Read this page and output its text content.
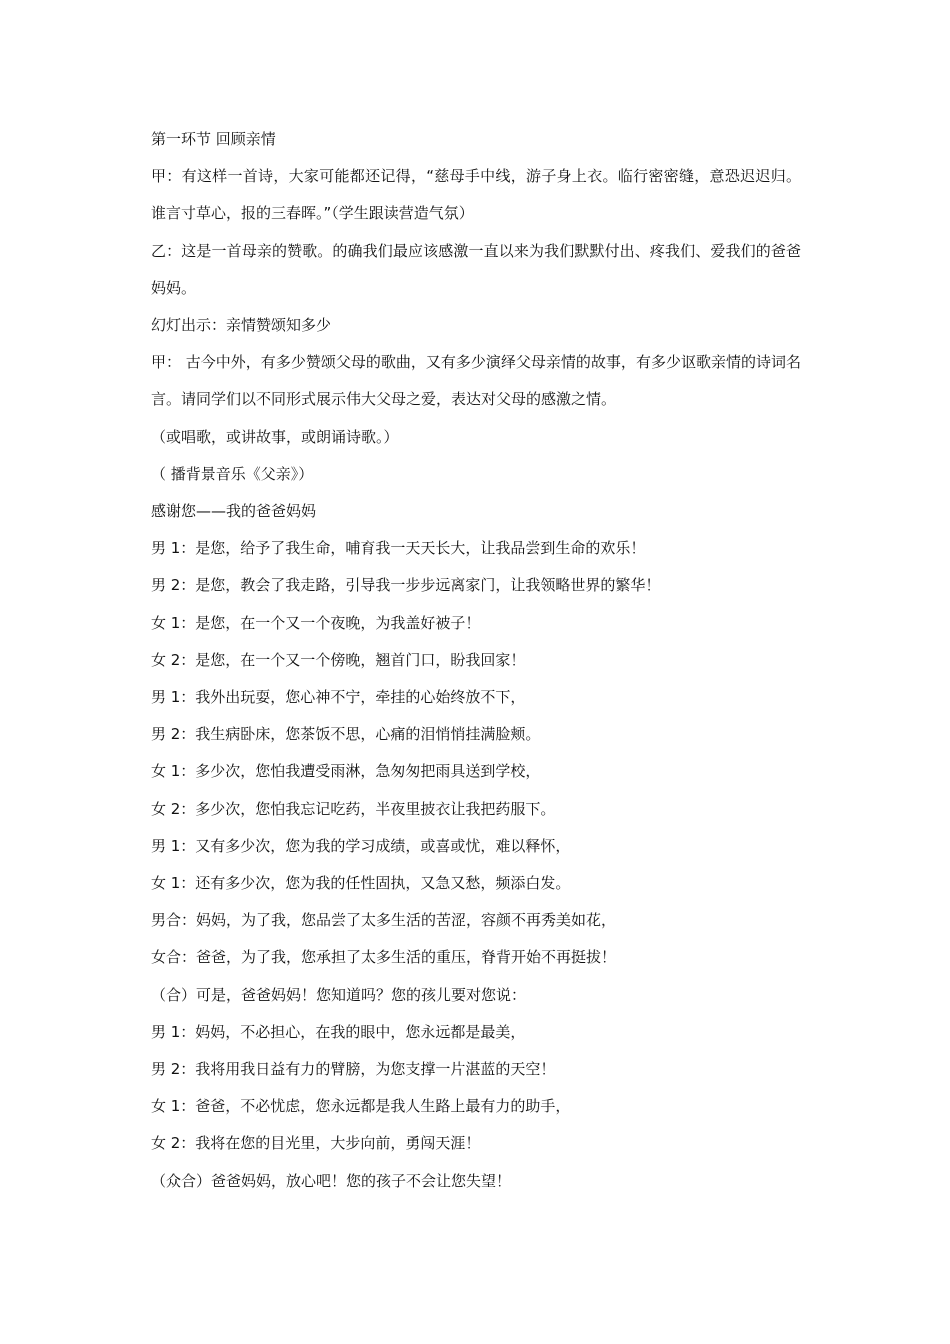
第一环节 回顾亲情

甲：有这样一首诗，大家可能都还记得，“慈母手中线，游子身上衣。临行密密缝，意恐迟迟归。谁言寸草心，报的三春晖。”（学生跟读营造气氛）

乙：这是一首母亲的赞歌。的确我们最应该感激一直以来为我们默默付出、疼我们、爱我们的爸爸妈妈。

幻灯出示：亲情赞颂知多少

甲： 古今中外，有多少赞颂父母的歌曲，又有多少演绎父母亲情的故事，有多少讴歌亲情的诗词名言。请同学们以不同形式展示伟大父母之爱，表达对父母的感激之情。

（或唱歌，或讲故事，或朗诵诗歌。）

（ 播背景音乐《父亲》）

感谢您——我的爸爸妈妈

男 1：是您，给予了我生命，哺育我一天天长大，让我品尝到生命的欢乐！

男 2：是您，教会了我走路，引导我一步步远离家门，让我领略世界的繁华！

女 1：是您，在一个又一个夜晚，为我盖好被子！

女 2：是您，在一个又一个傍晚，翘首门口，盼我回家！

男 1：我外出玩耍，您心神不宁，牵挂的心始终放不下，

男 2：我生病卧床，您茶饭不思，心痛的泪悄悄挂满脸颊。

女 1：多少次，您怕我遭受雨淋，急匆匆把雨具送到学校，

女 2：多少次，您怕我忘记吃药，半夜里披衣让我把药服下。

男 1：又有多少次，您为我的学习成绩，或喜或忧，难以释怀，

女 1：还有多少次，您为我的任性固执，又急又愁，频添白发。

男合：妈妈，为了我，您品尝了太多生活的苦涩，容颜不再秀美如花，

女合：爸爸，为了我，您承担了太多生活的重压，脊背开始不再挺拔！

（合）可是，爸爸妈妈！您知道吗？您的孩儿要对您说：

男 1：妈妈，不必担心，在我的眼中，您永远都是最美，

男 2：我将用我日益有力的臂膀，为您支撑一片湛蓝的天空！

女 1：爸爸，不必忧虑，您永远都是我人生路上最有力的助手，

女 2：我将在您的目光里，大步向前，勇闯天涯！

（众合）爸爸妈妈，放心吧！您的孩子不会让您失望！
